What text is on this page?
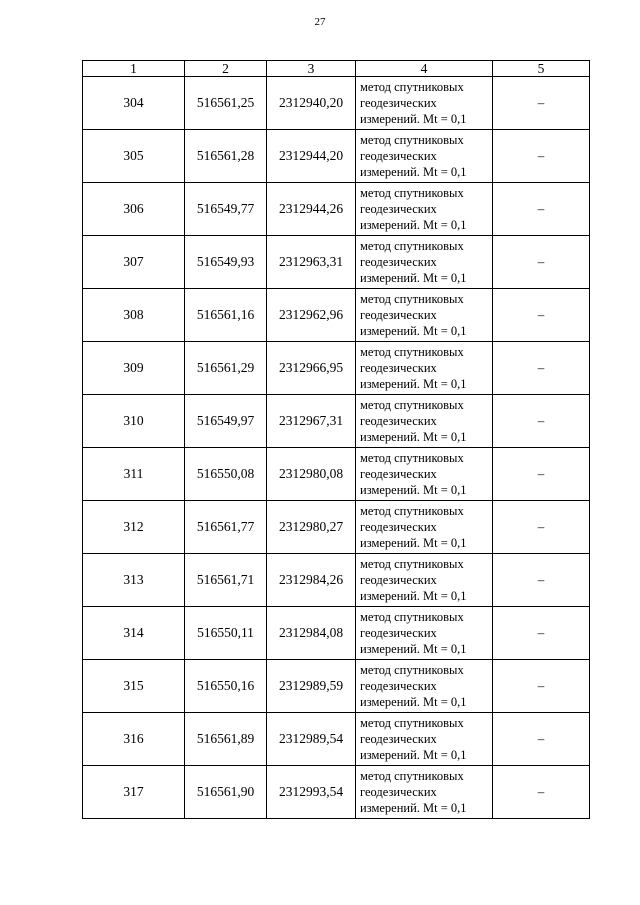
27
1	2	3	4	5
304	516561,25	2312940,20	метод спутниковых
геодезических
измерений. Mt = 0,1	–
305	516561,28	2312944,20	метод спутниковых
геодезических
измерений. Mt = 0,1	–
306	516549,77	2312944,26	метод спутниковых
геодезических
измерений. Mt = 0,1	–
307	516549,93	2312963,31	метод спутниковых
геодезических
измерений. Mt = 0,1	–
308	516561,16	2312962,96	метод спутниковых
геодезических
измерений. Mt = 0,1	–
309	516561,29	2312966,95	метод спутниковых
геодезических
измерений. Mt = 0,1	–
310	516549,97	2312967,31	метод спутниковых
геодезических
измерений. Mt = 0,1	–
311	516550,08	2312980,08	метод спутниковых
геодезических
измерений. Mt = 0,1	–
312	516561,77	2312980,27	метод спутниковых
геодезических
измерений. Mt = 0,1	–
313	516561,71	2312984,26	метод спутниковых
геодезических
измерений. Mt = 0,1	–
314	516550,11	2312984,08	метод спутниковых
геодезических
измерений. Mt = 0,1	–
315	516550,16	2312989,59	метод спутниковых
геодезических
измерений. Mt = 0,1	–
316	516561,89	2312989,54	метод спутниковых
геодезических
измерений. Mt = 0,1	–
317	516561,90	2312993,54	метод спутниковых
геодезических
измерений. Mt = 0,1	–
